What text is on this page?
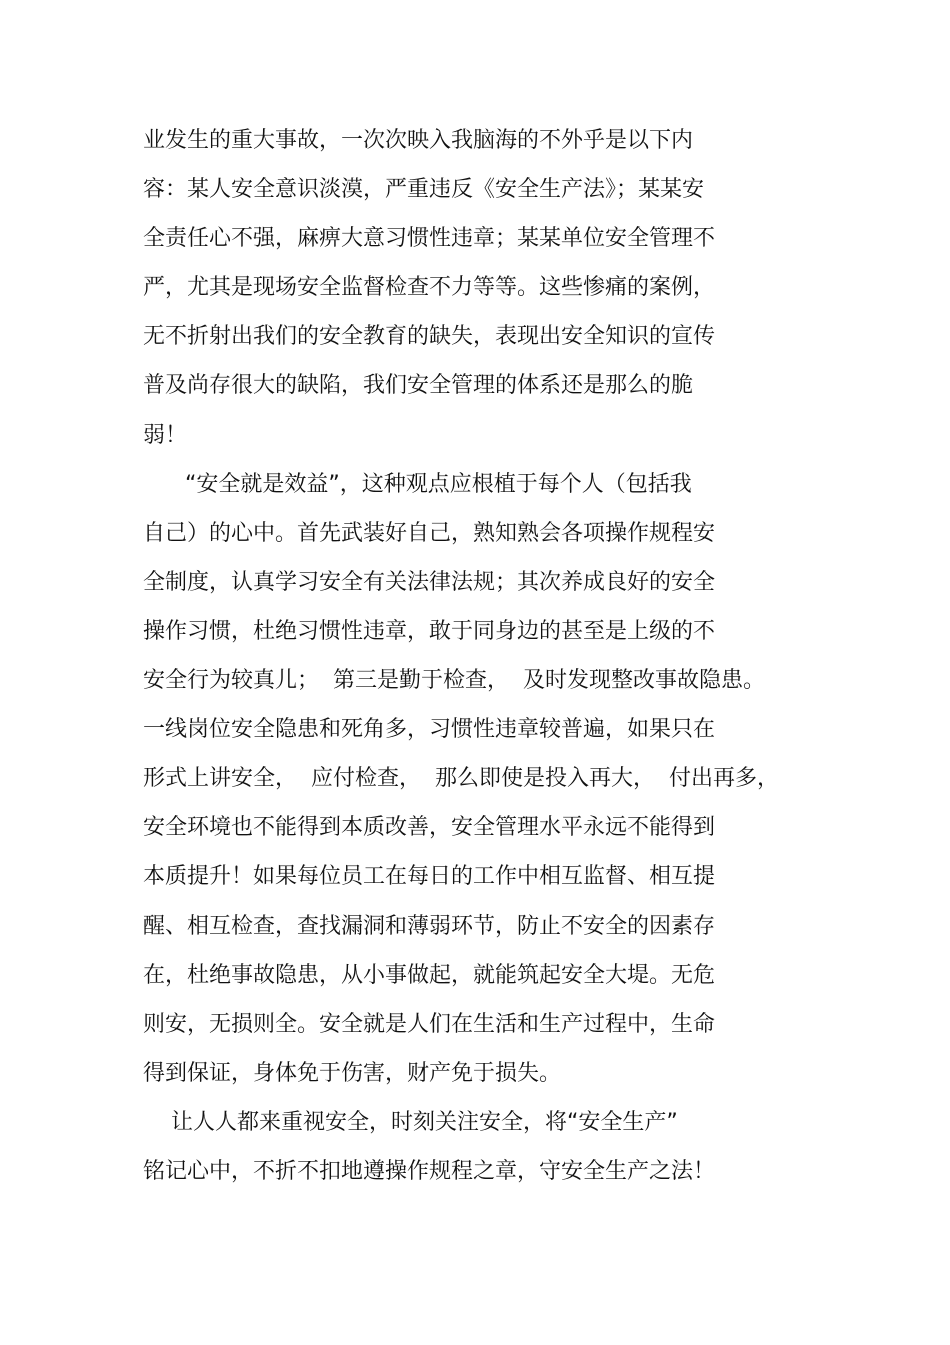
业发生的重大事故，一次次映入我脑海的不外乎是以下内
容：某人安全意识淡漠，严重违反《安全生产法》；某某安
全责任心不强，麻痹大意习惯性违章；某某单位安全管理不
严，尤其是现场安全监督检查不力等等。这些惨痛的案例，
无不折射出我们的安全教育的缺失，表现出安全知识的宣传
普及尚存很大的缺陷，我们安全管理的体系还是那么的脆
弱！
“安全就是效益”，这种观点应根植于每个人（包括我
自己）的心中。首先武装好自己，熟知熟会各项操作规程安
全制度，认真学习安全有关法律法规；其次养成良好的安全
操作习惯，杜绝习惯性违章，敢于同身边的甚至是上级的不
安全行为较真儿；  第三是勤于检查，  及时发现整改事故隐患。
一线岗位安全隐患和死角多，习惯性违章较普遍，如果只在
形式上讲安全，  应付检查，  那么即使是投入再大，  付出再多，
安全环境也不能得到本质改善，安全管理水平永远不能得到
本质提升！如果每位员工在每日的工作中相互监督、相互提
醒、相互检查，查找漏洞和薄弱环节，防止不安全的因素存
在，杜绝事故隐患，从小事做起，就能筑起安全大堤。无危
则安，无损则全。安全就是人们在生活和生产过程中，生命
得到保证，身体免于伤害，财产免于损失。
让人人都来重视安全，时刻关注安全，将“安全生产”
铭记心中，不折不扣地遵操作规程之章，守安全生产之法！
